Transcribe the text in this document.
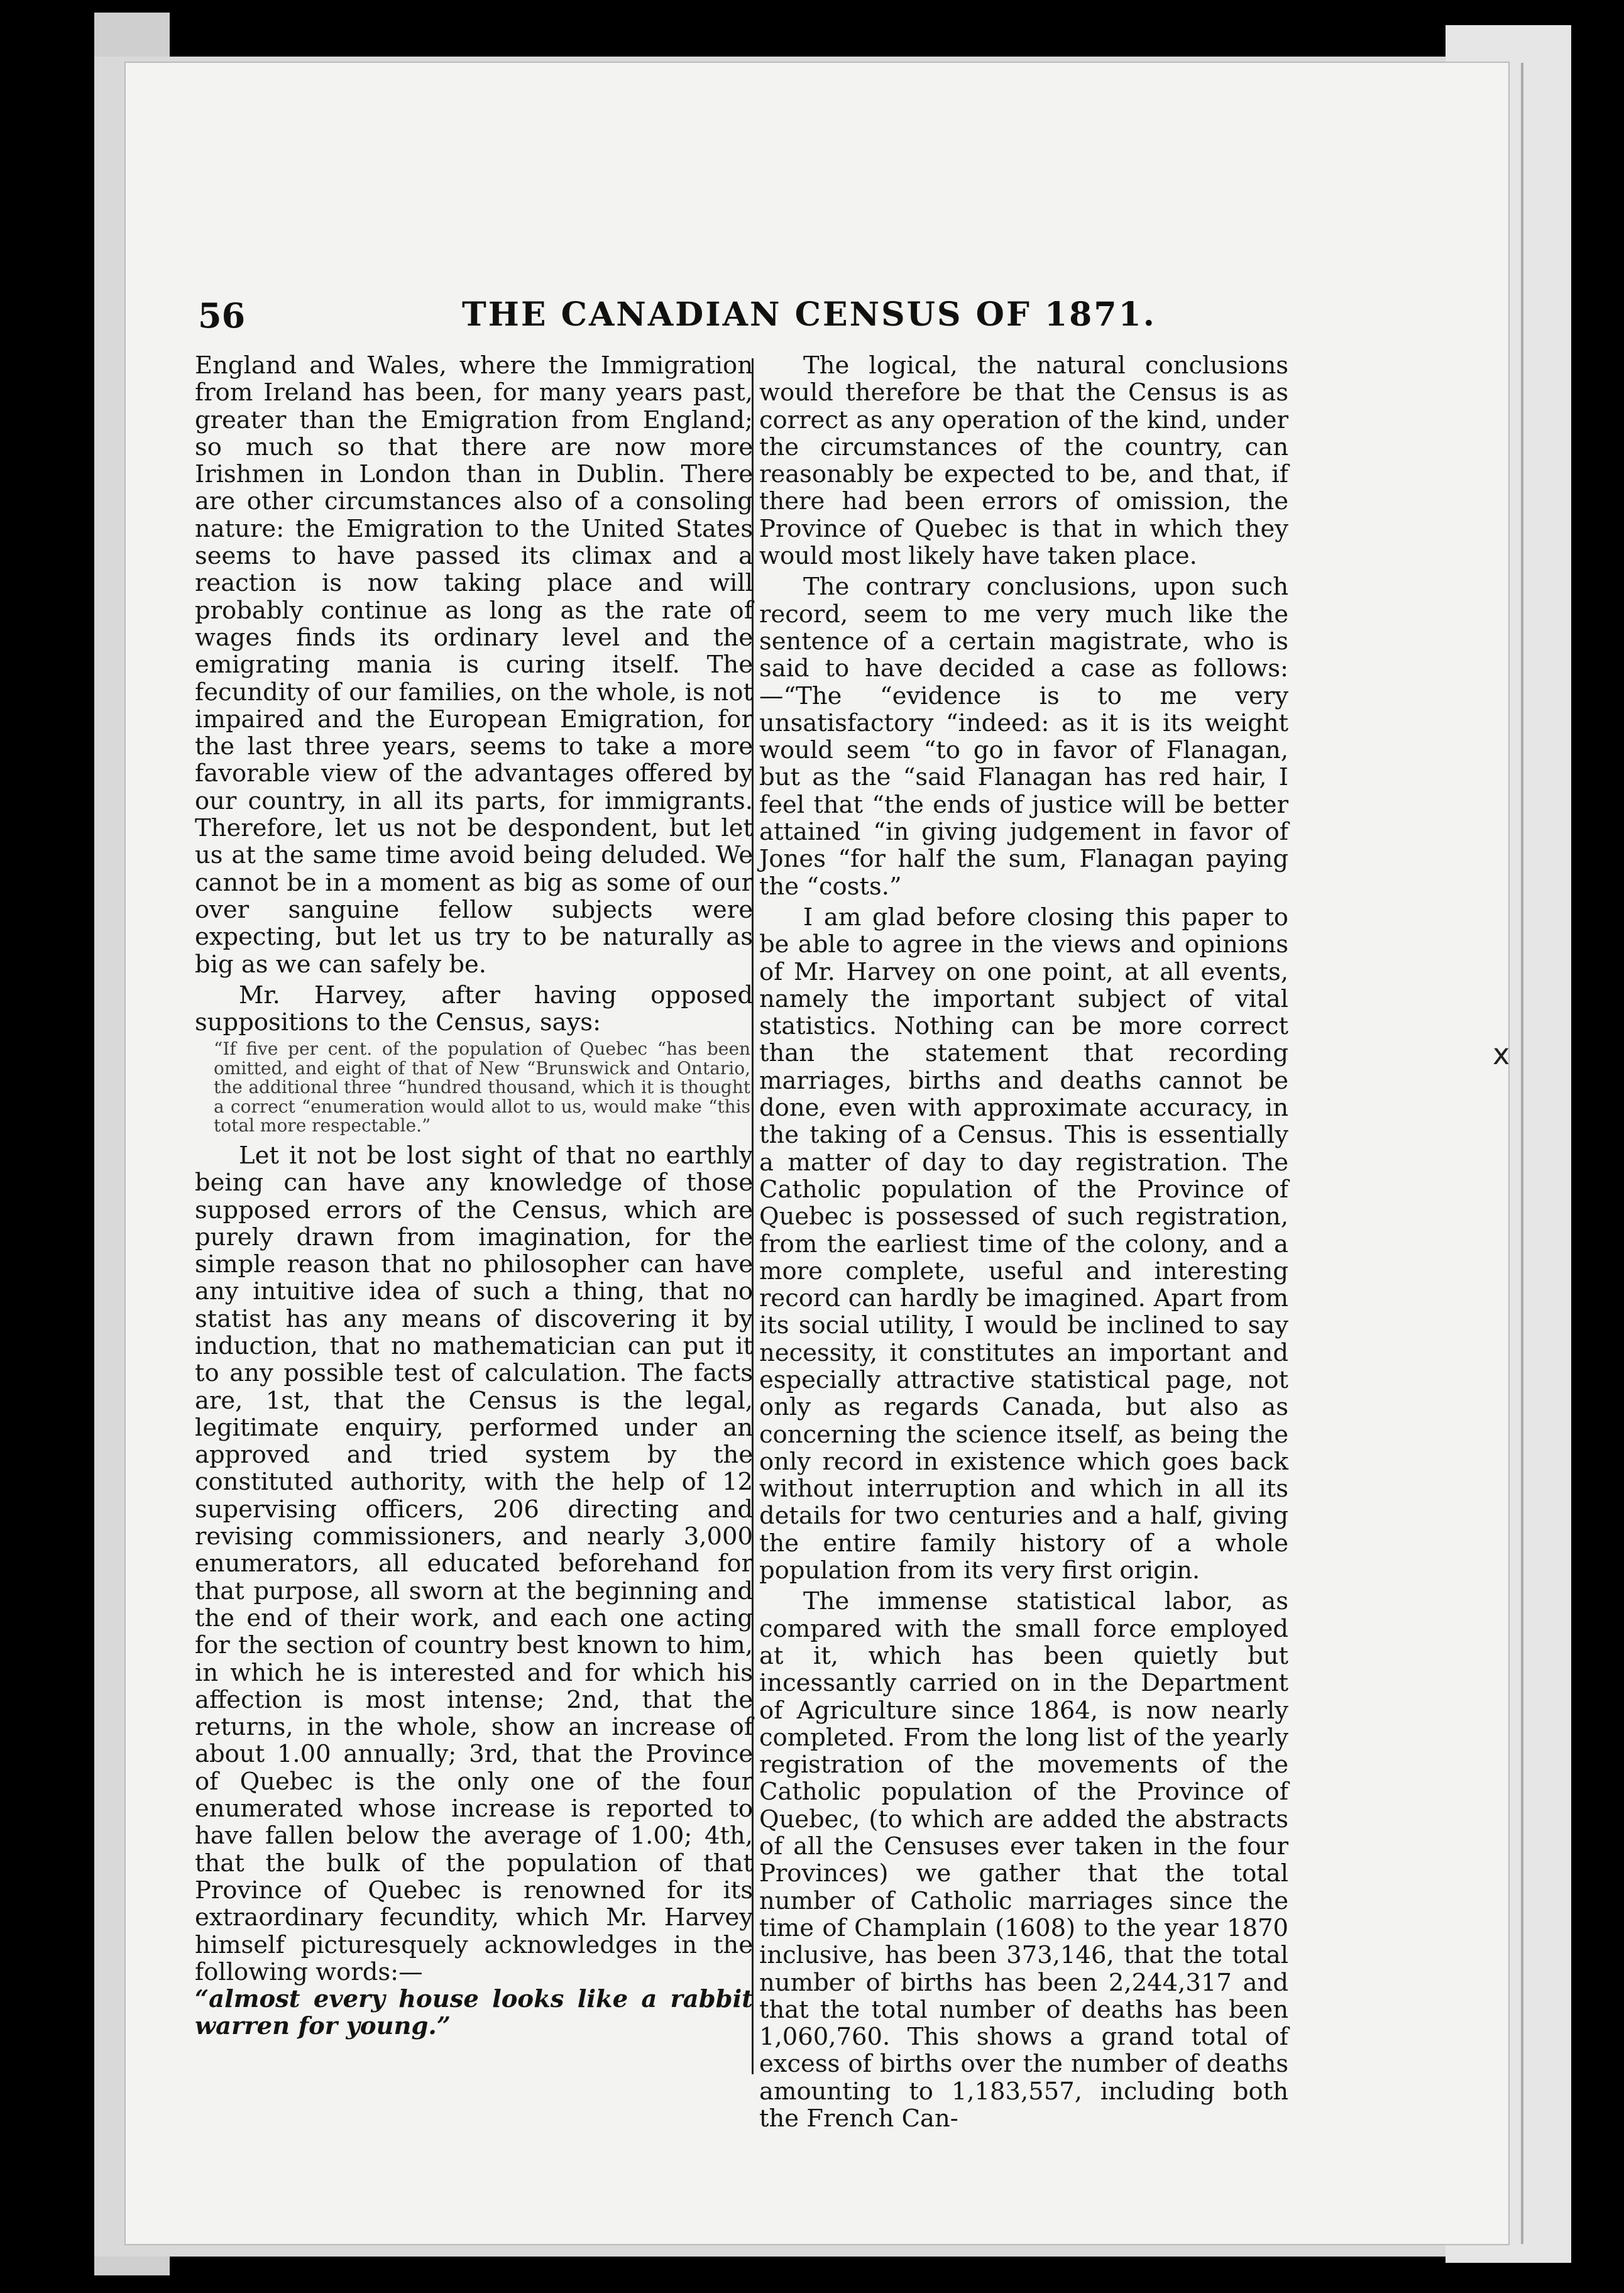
56	THE CANADIAN CENSUS OF 1871.

England and Wales, where the Immigration from Ireland has been, for many years past, greater than the Emigration from England; so much so that there are now more Irishmen in London than in Dublin. There are other circumstances also of a consoling nature: the Emigration to the United States seems to have passed its climax and a reaction is now taking place and will probably continue as long as the rate of wages finds its ordinary level and the emigrating mania is curing itself. The fecundity of our families, on the whole, is not impaired and the European Emigration, for the last three years, seems to take a more favorable view of the advantages offered by our country, in all its parts, for immigrants. Therefore, let us not be despondent, but let us at the same time avoid being deluded. We cannot be in a moment as big as some of our over sanguine fellow subjects were expecting, but let us try to be naturally as big as we can safely be.

Mr. Harvey, after having opposed suppositions to the Census, says:

“If five per cent. of the population of Quebec “has been omitted, and eight of that of New “Brunswick and Ontario, the additional three “hundred thousand, which it is thought a correct “enumeration would allot to us, would make “this total more respectable.”

Let it not be lost sight of that no earthly being can have any knowledge of those supposed errors of the Census, which are purely drawn from imagination, for the simple reason that no philosopher can have any intuitive idea of such a thing, that no statist has any means of discovering it by induction, that no mathematician can put it to any possible test of calculation. The facts are, 1st, that the Census is the legal, legitimate enquiry, performed under an approved and tried system by the constituted authority, with the help of 12 supervising officers, 206 directing and revising commissioners, and nearly 3,000 enumerators, all educated beforehand for that purpose, all sworn at the beginning and the end of their work, and each one acting for the section of country best known to him, in which he is interested and for which his affection is most intense; 2nd, that the returns, in the whole, show an increase of about 1.00 annually; 3rd, that the Province of Quebec is the only one of the four enumerated whose increase is reported to have fallen below the average of 1.00; 4th, that the bulk of the population of that Province of Quebec is renowned for its extraordinary fecundity, which Mr. Harvey himself picturesquely acknowledges in the following words:—
“almost every house looks like a rabbit warren for young.”

The logical, the natural conclusions would therefore be that the Census is as correct as any operation of the kind, under the circumstances of the country, can reasonably be expected to be, and that, if there had been errors of omission, the Province of Quebec is that in which they would most likely have taken place.

The contrary conclusions, upon such record, seem to me very much like the sentence of a certain magistrate, who is said to have decided a case as follows:—“The “evidence is to me very unsatisfactory “indeed: as it is its weight would seem “to go in favor of Flanagan, but as the “said Flanagan has red hair, I feel that “the ends of justice will be better attained “in giving judgement in favor of Jones “for half the sum, Flanagan paying the “costs.”

I am glad before closing this paper to be able to agree in the views and opinions of Mr. Harvey on one point, at all events, namely the important subject of vital statistics. Nothing can be more correct than the statement that recording marriages, births and deaths cannot be done, even with approximate accuracy, in the taking of a Census. This is essentially a matter of day to day registration. The Catholic population of the Province of Quebec is possessed of such registration, from the earliest time of the colony, and a more complete, useful and interesting record can hardly be imagined. Apart from its social utility, I would be inclined to say necessity, it constitutes an important and especially attractive statistical page, not only as regards Canada, but also as concerning the science itself, as being the only record in existence which goes back without interruption and which in all its details for two centuries and a half, giving the entire family history of a whole population from its very first origin.

The immense statistical labor, as compared with the small force employed at it, which has been quietly but incessantly carried on in the Department of Agriculture since 1864, is now nearly completed. From the long list of the yearly registration of the movements of the Catholic population of the Province of Quebec, (to which are added the abstracts of all the Censuses ever taken in the four Provinces) we gather that the total number of Catholic marriages since the time of Champlain (1608) to the year 1870 inclusive, has been 373,146, that the total number of births has been 2,244,317 and that the total number of deaths has been 1,060,760. This shows a grand total of excess of births over the number of deaths amounting to 1,183,557, including both the French Can-

x
